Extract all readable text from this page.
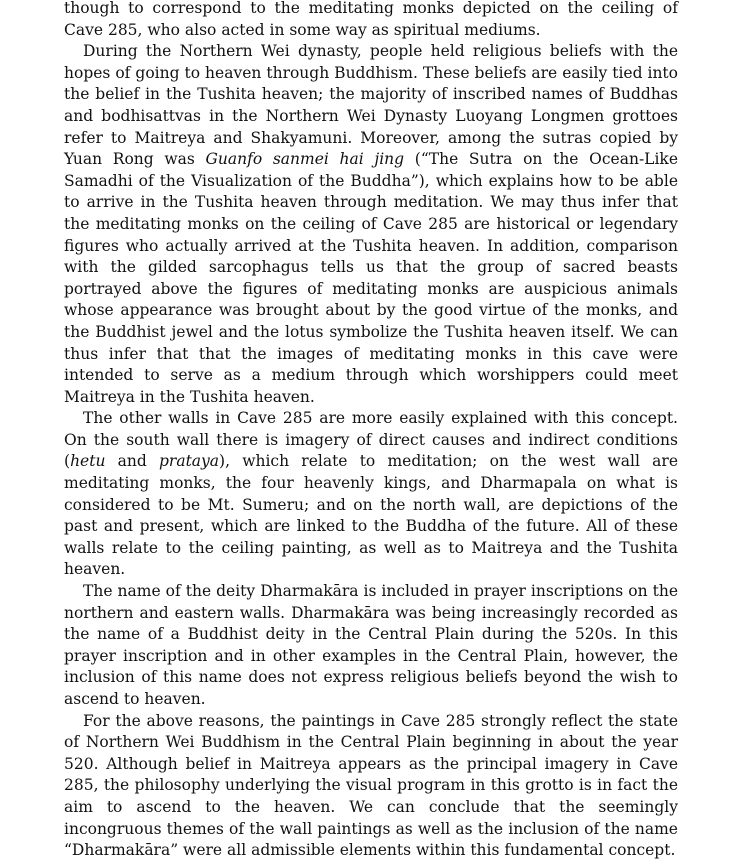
though to correspond to the meditating monks depicted on the ceiling of Cave 285, who also acted in some way as spiritual mediums.

During the Northern Wei dynasty, people held religious beliefs with the hopes of going to heaven through Buddhism. These beliefs are easily tied into the belief in the Tushita heaven; the majority of inscribed names of Buddhas and bodhisattvas in the Northern Wei Dynasty Luoyang Longmen grottoes refer to Maitreya and Shakyamuni. Moreover, among the sutras copied by Yuan Rong was Guanfo sanmei hai jing (“The Sutra on the Ocean-Like Samadhi of the Visualization of the Buddha”), which explains how to be able to arrive in the Tushita heaven through meditation. We may thus infer that the meditating monks on the ceiling of Cave 285 are historical or legendary figures who actually arrived at the Tushita heaven. In addition, comparison with the gilded sarcophagus tells us that the group of sacred beasts portrayed above the figures of meditating monks are auspicious animals whose appearance was brought about by the good virtue of the monks, and the Buddhist jewel and the lotus symbolize the Tushita heaven itself. We can thus infer that that the images of meditating monks in this cave were intended to serve as a medium through which worshippers could meet Maitreya in the Tushita heaven.

The other walls in Cave 285 are more easily explained with this concept. On the south wall there is imagery of direct causes and indirect conditions (hetu and prataya), which relate to meditation; on the west wall are meditating monks, the four heavenly kings, and Dharmapala on what is considered to be Mt. Sumeru; and on the north wall, are depictions of the past and present, which are linked to the Buddha of the future. All of these walls relate to the ceiling painting, as well as to Maitreya and the Tushita heaven.

The name of the deity Dharmakāra is included in prayer inscriptions on the northern and eastern walls. Dharmakāra was being increasingly recorded as the name of a Buddhist deity in the Central Plain during the 520s. In this prayer inscription and in other examples in the Central Plain, however, the inclusion of this name does not express religious beliefs beyond the wish to ascend to heaven.

For the above reasons, the paintings in Cave 285 strongly reflect the state of Northern Wei Buddhism in the Central Plain beginning in about the year 520. Although belief in Maitreya appears as the principal imagery in Cave 285, the philosophy underlying the visual program in this grotto is in fact the aim to ascend to the heaven. We can conclude that the seemingly incongruous themes of the wall paintings as well as the inclusion of the name “Dharmakāra” were all admissible elements within this fundamental concept.
